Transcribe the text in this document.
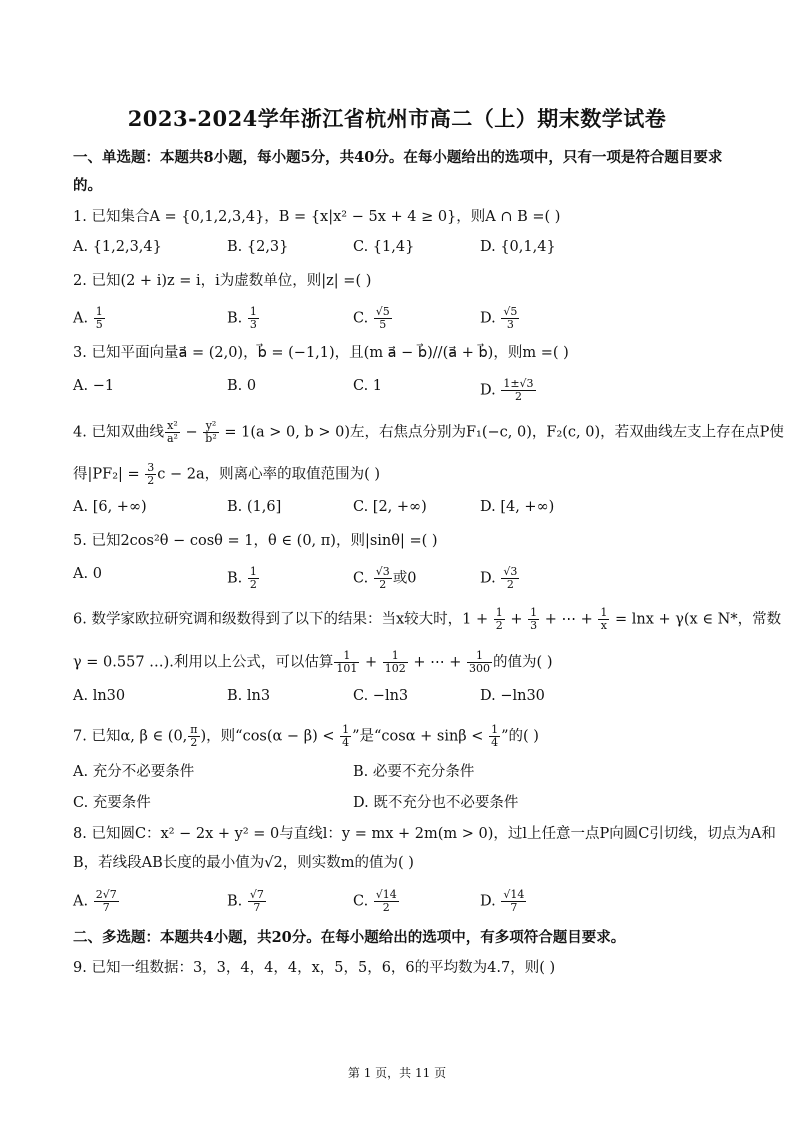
2023-2024学年浙江省杭州市高二（上）期末数学试卷
一、单选题：本题共8小题，每小题5分，共40分。在每小题给出的选项中，只有一项是符合题目要求
的。
1. 已知集合A = {0,1,2,3,4}，B = {x|x² − 5x + 4 ≥ 0}，则A ∩ B =( )
A. {1,2,3,4}	B. {2,3}	C. {1,4}	D. {0,1,4}
2. 已知(2 + i)z = i，i为虚数单位，则|z| =( )
A. $\frac{1}{5}$	B. $\frac{1}{3}$	C. $\frac{√5}{5}$	D. $\frac{√5}{3}$
3. 已知平面向量a⃗ = (2,0)，b⃗ = (−1,1)，且(m a⃗ − b⃗)//(a⃗ + b⃗)，则m =( )
A. −1	B. 0	C. 1	D. $\frac{1\pm√3}{2}$
4. 已知双曲线 $\frac{\text{x²}}{\text{a²}} - \frac{\text{y²}}{\text{b²}} = 1(a > 0$, b > 0)左，右焦点分别为F₁(−c, 0)，F₂(c, 0)，若双曲线左支上存在点P使
得$|PF_2| = \frac{3}{2}$ c − 2a，则离心率的取值范围为( )
A. [6, +∞)	B. (1,6]	C. [2, +∞)	D. [4, +∞)
5. 已知2cos²θ − cosθ = 1，θ ∈ (0, π)，则|sinθ| =( )
A. 0	B. $\frac{1}{2}$	C. $\frac{√3}{2}$ 或0	D. $\frac{√3}{2}$
6. 数学家欧拉研究调和级数得到了以下的结果：当x较大时，$1 + \frac{1}{2} + \frac{1}{3}$ + ⋯ + $\frac{1}{x} = \ln x + \gamma(x$ ∈ N*，常数
γ = 0.557 …).利用以上公式，可以估算 $\frac{1}{101} + \frac{1}{102}$ + ⋯ + $\frac{1}{300}$ 的值为( )
A. ln30	B. ln3	C. −ln3	D. −ln30
7. 已知α, β ∈ (0, $\frac{\pi}{2}$ )，则“$\cos(\alpha - \beta) < \frac{1}{4}$ ”是“$\cos\alpha + \sin\beta < \frac{1}{4}$ ”的( )
A. 充分不必要条件	B. 必要不充分条件
C. 充要条件	D. 既不充分也不必要条件
8. 已知圆C：x² − 2x + y² = 0与直线l：y = mx + 2m(m > 0)，过l上任意一点P向圆C引切线，切点为A和
B，若线段AB长度的最小值为√2，则实数m的值为( )
A. $\frac{2√7}{7}$	B. $\frac{√7}{7}$	C. $\frac{√14}{2}$	D. $\frac{√14}{7}$
二、多选题：本题共4小题，共20分。在每小题给出的选项中，有多项符合题目要求。
9. 已知一组数据：3，3，4，4，4，x，5，5，6，6的平均数为4.7，则( )
第 1 页，共 11 页
